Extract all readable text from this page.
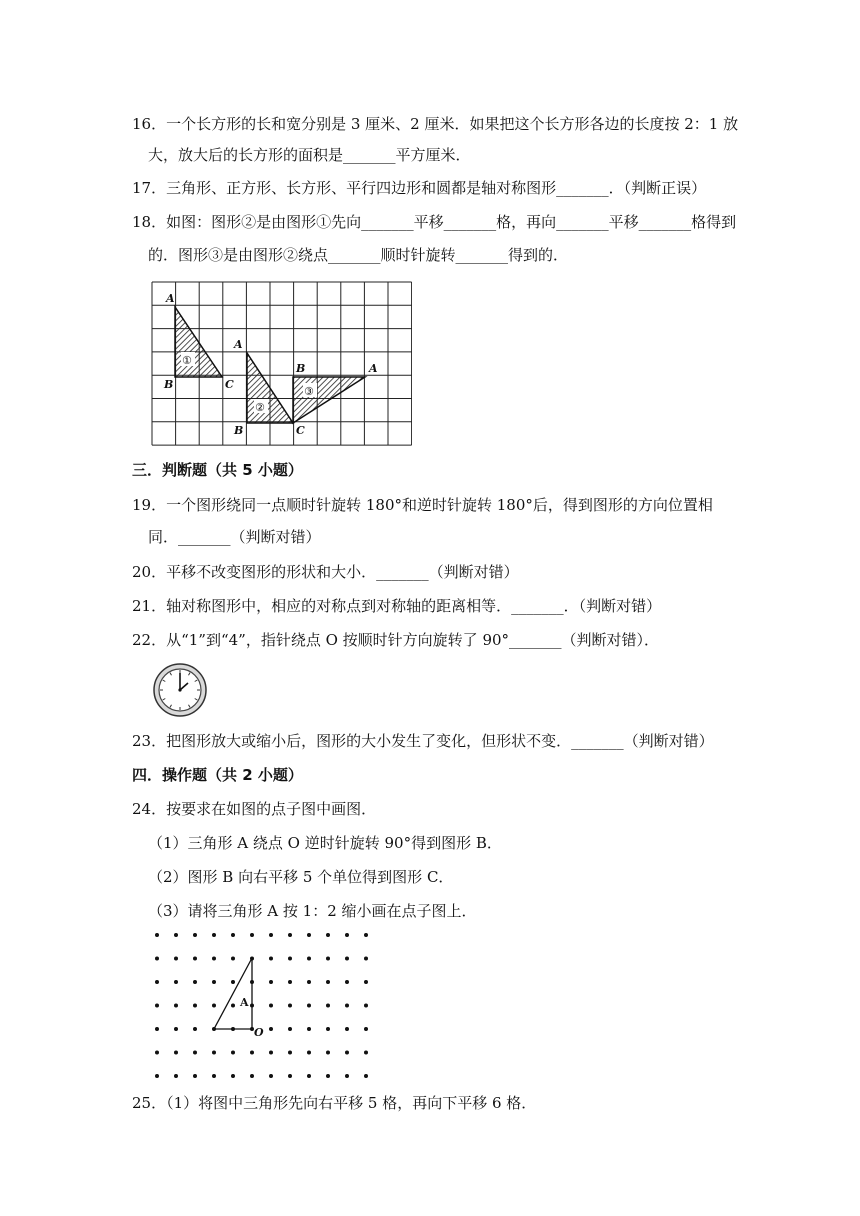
16．一个长方形的长和宽分别是 3 厘米、2 厘米．如果把这个长方形各边的长度按 2：1 放
大，放大后的长方形的面积是_______平方厘米．
17．三角形、正方形、长方形、平行四边形和圆都是轴对称图形_______．（判断正误）
18．如图：图形②是由图形①先向_______平移_______格，再向_______平移_______格得到
的．图形③是由图形②绕点_______顺时针旋转_______得到的．
①
②
③
A
B	C
A
B	C
B	A
三．判断题（共 5 小题）
19．一个图形绕同一点顺时针旋转 180°和逆时针旋转 180°后，得到图形的方向位置相
同．_______（判断对错）
20．平移不改变图形的形状和大小．_______（判断对错）
21．轴对称图形中，相应的对称点到对称轴的距离相等．_______．（判断对错）
22．从“1”到“4”，指针绕点 O 按顺时针方向旋转了 90°_______（判断对错）．
23．把图形放大或缩小后，图形的大小发生了变化，但形状不变．_______（判断对错）
四．操作题（共 2 小题）
24．按要求在如图的点子图中画图．
（1）三角形 A 绕点 O 逆时针旋转 90°得到图形 B．
（2）图形 B 向右平移 5 个单位得到图形 C．
（3）请将三角形 A 按 1：2 缩小画在点子图上．
A
O
25．（1）将图中三角形先向右平移 5 格，再向下平移 6 格．
